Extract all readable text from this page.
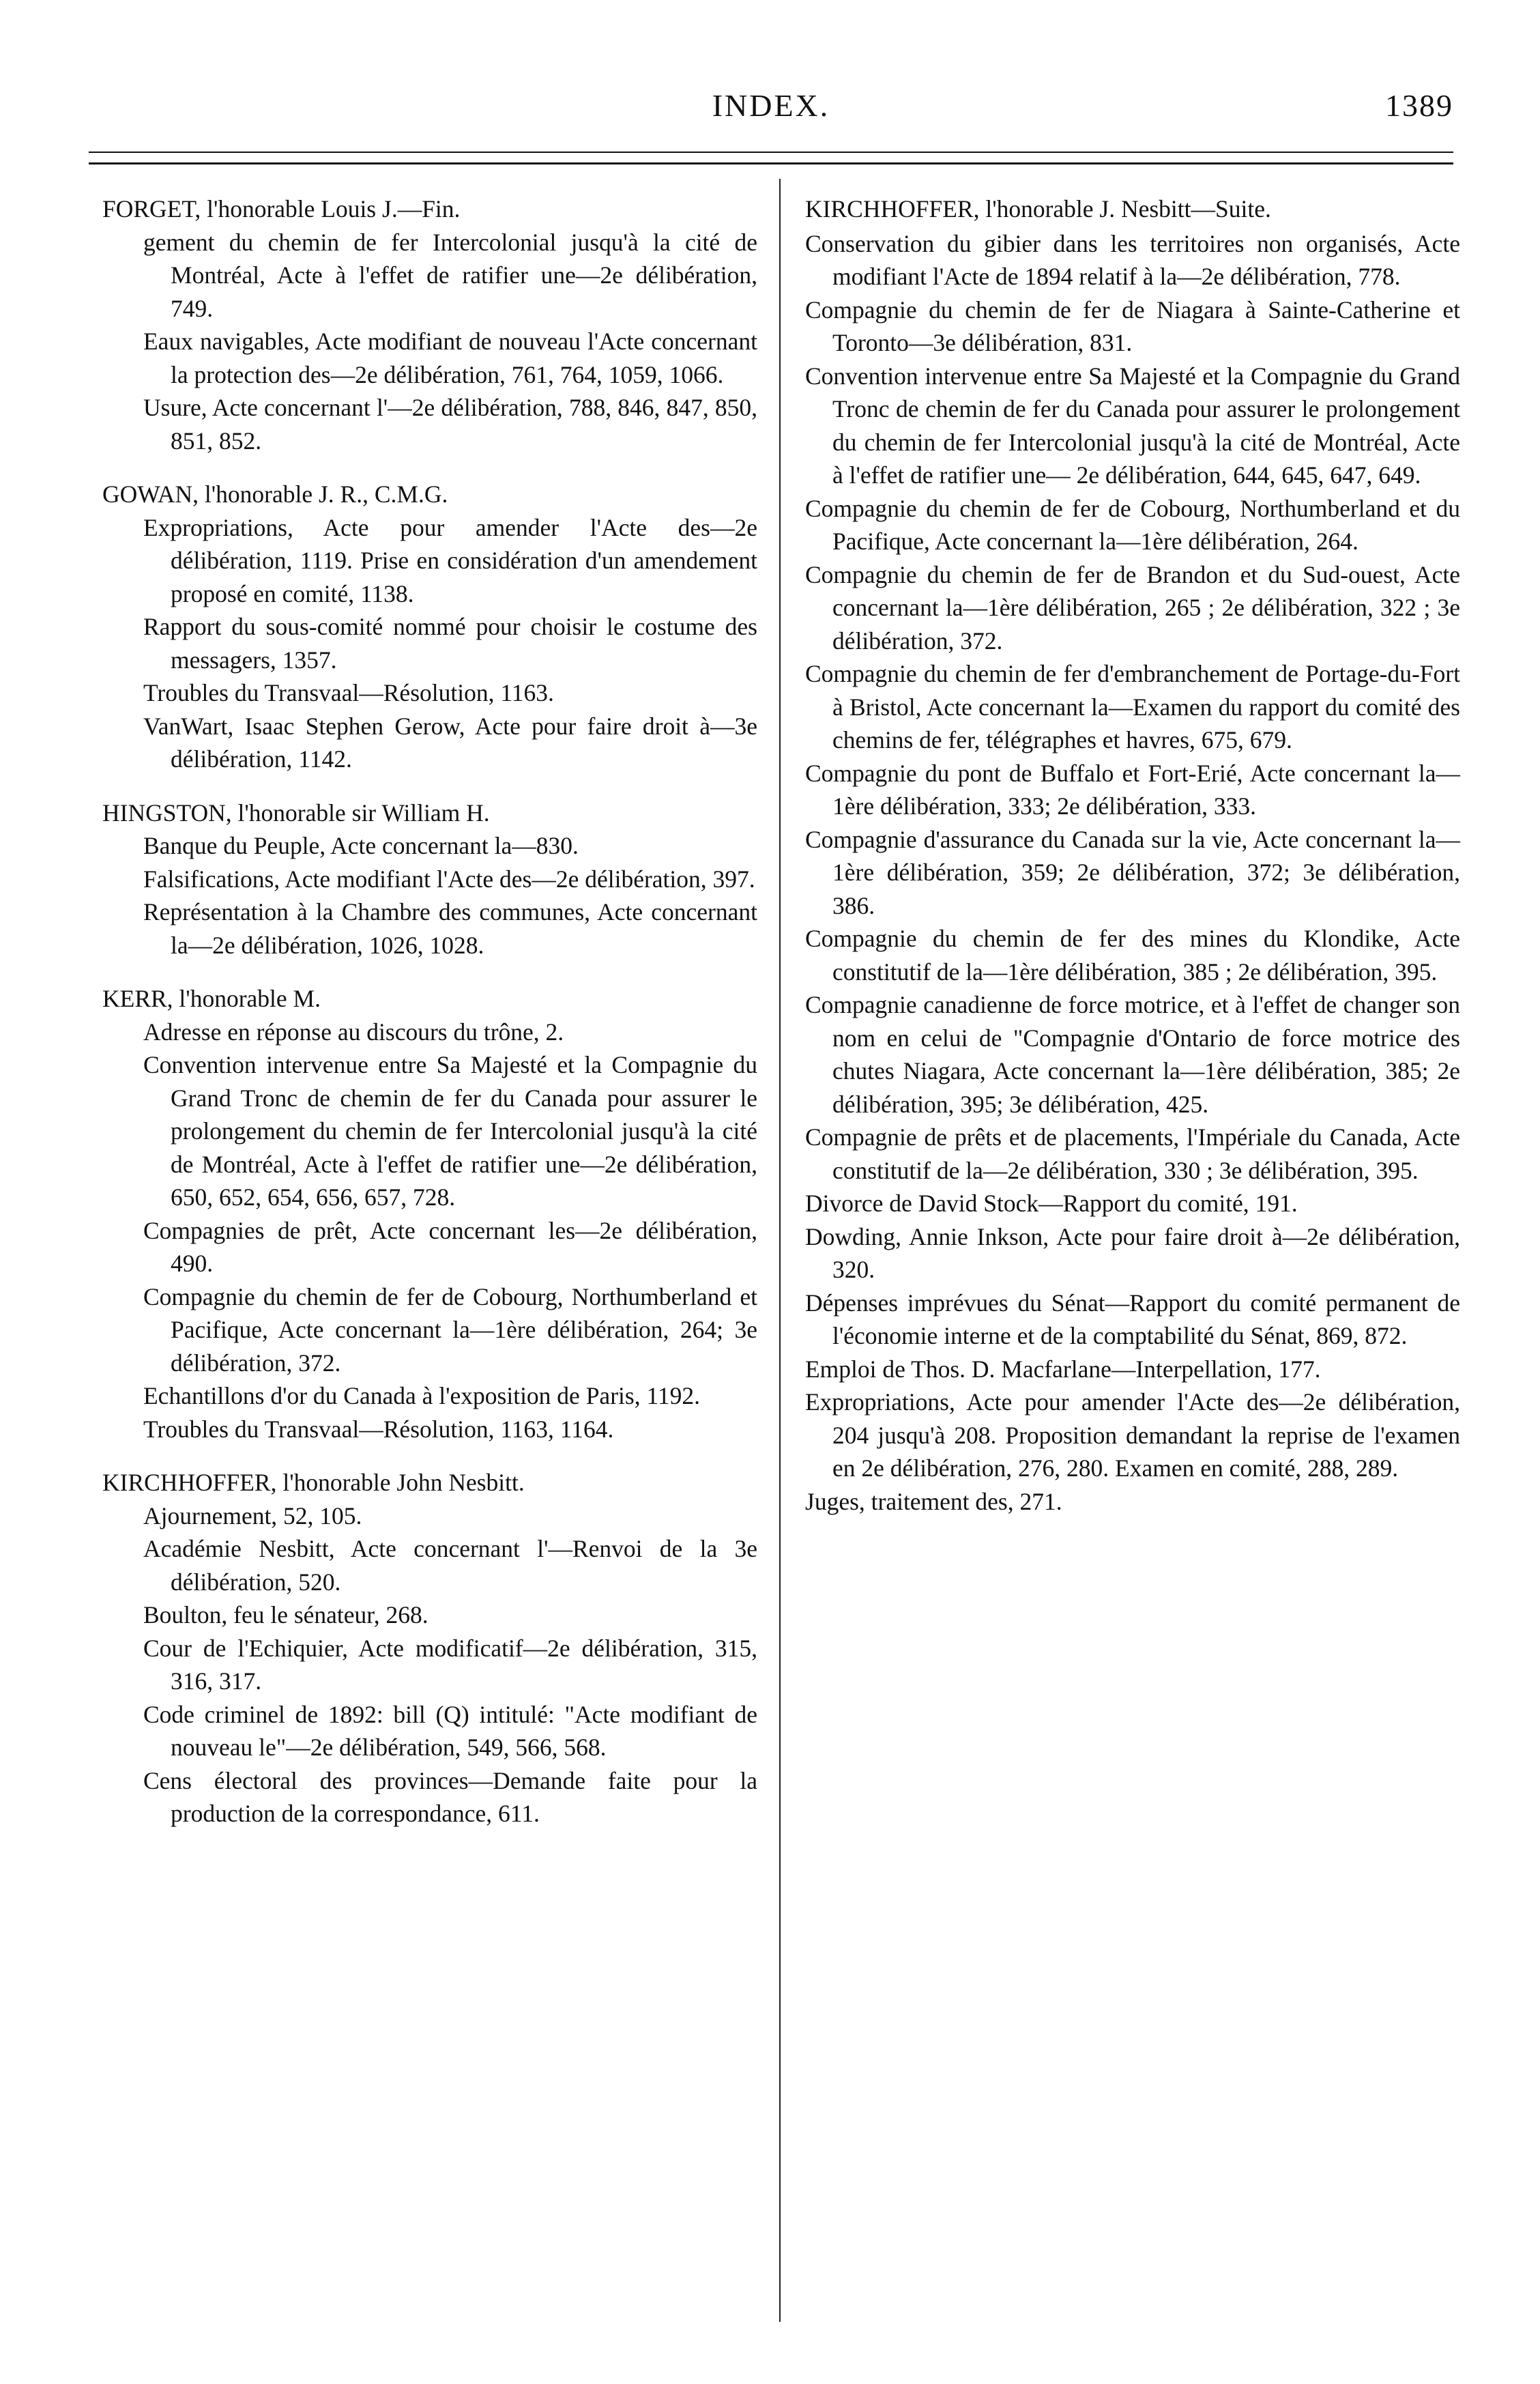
INDEX.	1389

FORGET, l'honorable Louis J.—Fin.

gement du chemin de fer Intercolonial jusqu'à la cité de Montréal, Acte à l'effet de ratifier une—2e délibération, 749.

Eaux navigables, Acte modifiant de nouveau l'Acte concernant la protection des—2e délibération, 761, 764, 1059, 1066.

Usure, Acte concernant l'—2e délibération, 788, 846, 847, 850, 851, 852.

GOWAN, l'honorable J. R., C.M.G.

Expropriations, Acte pour amender l'Acte des—2e délibération, 1119. Prise en considération d'un amendement proposé en comité, 1138.

Rapport du sous-comité nommé pour choisir le costume des messagers, 1357.

Troubles du Transvaal—Résolution, 1163.

VanWart, Isaac Stephen Gerow, Acte pour faire droit à—3e délibération, 1142.

HINGSTON, l'honorable sir William H.

Banque du Peuple, Acte concernant la—830.

Falsifications, Acte modifiant l'Acte des—2e délibération, 397.

Représentation à la Chambre des communes, Acte concernant la—2e délibération, 1026, 1028.

KERR, l'honorable M.

Adresse en réponse au discours du trône, 2.

Convention intervenue entre Sa Majesté et la Compagnie du Grand Tronc de chemin de fer du Canada pour assurer le prolongement du chemin de fer Intercolonial jusqu'à la cité de Montréal, Acte à l'effet de ratifier une—2e délibération, 650, 652, 654, 656, 657, 728.

Compagnies de prêt, Acte concernant les—2e délibération, 490.

Compagnie du chemin de fer de Cobourg, Northumberland et Pacifique, Acte concernant la—1ère délibération, 264; 3e délibération, 372.

Echantillons d'or du Canada à l'exposition de Paris, 1192.

Troubles du Transvaal—Résolution, 1163, 1164.

KIRCHHOFFER, l'honorable John Nesbitt.

Ajournement, 52, 105.

Académie Nesbitt, Acte concernant l'—Renvoi de la 3e délibération, 520.

Boulton, feu le sénateur, 268.

Cour de l'Echiquier, Acte modificatif—2e délibération, 315, 316, 317.

Code criminel de 1892: bill (Q) intitulé: "Acte modifiant de nouveau le"—2e délibération, 549, 566, 568.

Cens électoral des provinces—Demande faite pour la production de la correspondance, 611.

KIRCHHOFFER, l'honorable J. Nesbitt—Suite.

Conservation du gibier dans les territoires non organisés, Acte modifiant l'Acte de 1894 relatif à la—2e délibération, 778.

Compagnie du chemin de fer de Niagara à Sainte-Catherine et Toronto—3e délibération, 831.

Convention intervenue entre Sa Majesté et la Compagnie du Grand Tronc de chemin de fer du Canada pour assurer le prolongement du chemin de fer Intercolonial jusqu'à la cité de Montréal, Acte à l'effet de ratifier une— 2e délibération, 644, 645, 647, 649.

Compagnie du chemin de fer de Cobourg, Northumberland et du Pacifique, Acte concernant la—1ère délibération, 264.

Compagnie du chemin de fer de Brandon et du Sud-ouest, Acte concernant la—1ère délibération, 265 ; 2e délibération, 322 ; 3e délibération, 372.

Compagnie du chemin de fer d'embranchement de Portage-du-Fort à Bristol, Acte concernant la—Examen du rapport du comité des chemins de fer, télégraphes et havres, 675, 679.

Compagnie du pont de Buffalo et Fort-Erié, Acte concernant la—1ère délibération, 333; 2e délibération, 333.

Compagnie d'assurance du Canada sur la vie, Acte concernant la—1ère délibération, 359; 2e délibération, 372; 3e délibération, 386.

Compagnie du chemin de fer des mines du Klondike, Acte constitutif de la—1ère délibération, 385 ; 2e délibération, 395.

Compagnie canadienne de force motrice, et à l'effet de changer son nom en celui de "Compagnie d'Ontario de force motrice des chutes Niagara, Acte concernant la—1ère délibération, 385; 2e délibération, 395; 3e délibération, 425.

Compagnie de prêts et de placements, l'Impériale du Canada, Acte constitutif de la—2e délibération, 330 ; 3e délibération, 395.

Divorce de David Stock—Rapport du comité, 191.

Dowding, Annie Inkson, Acte pour faire droit à—2e délibération, 320.

Dépenses imprévues du Sénat—Rapport du comité permanent de l'économie interne et de la comptabilité du Sénat, 869, 872.

Emploi de Thos. D. Macfarlane—Interpellation, 177.

Expropriations, Acte pour amender l'Acte des—2e délibération, 204 jusqu'à 208. Proposition demandant la reprise de l'examen en 2e délibération, 276, 280. Examen en comité, 288, 289.

Juges, traitement des, 271.
